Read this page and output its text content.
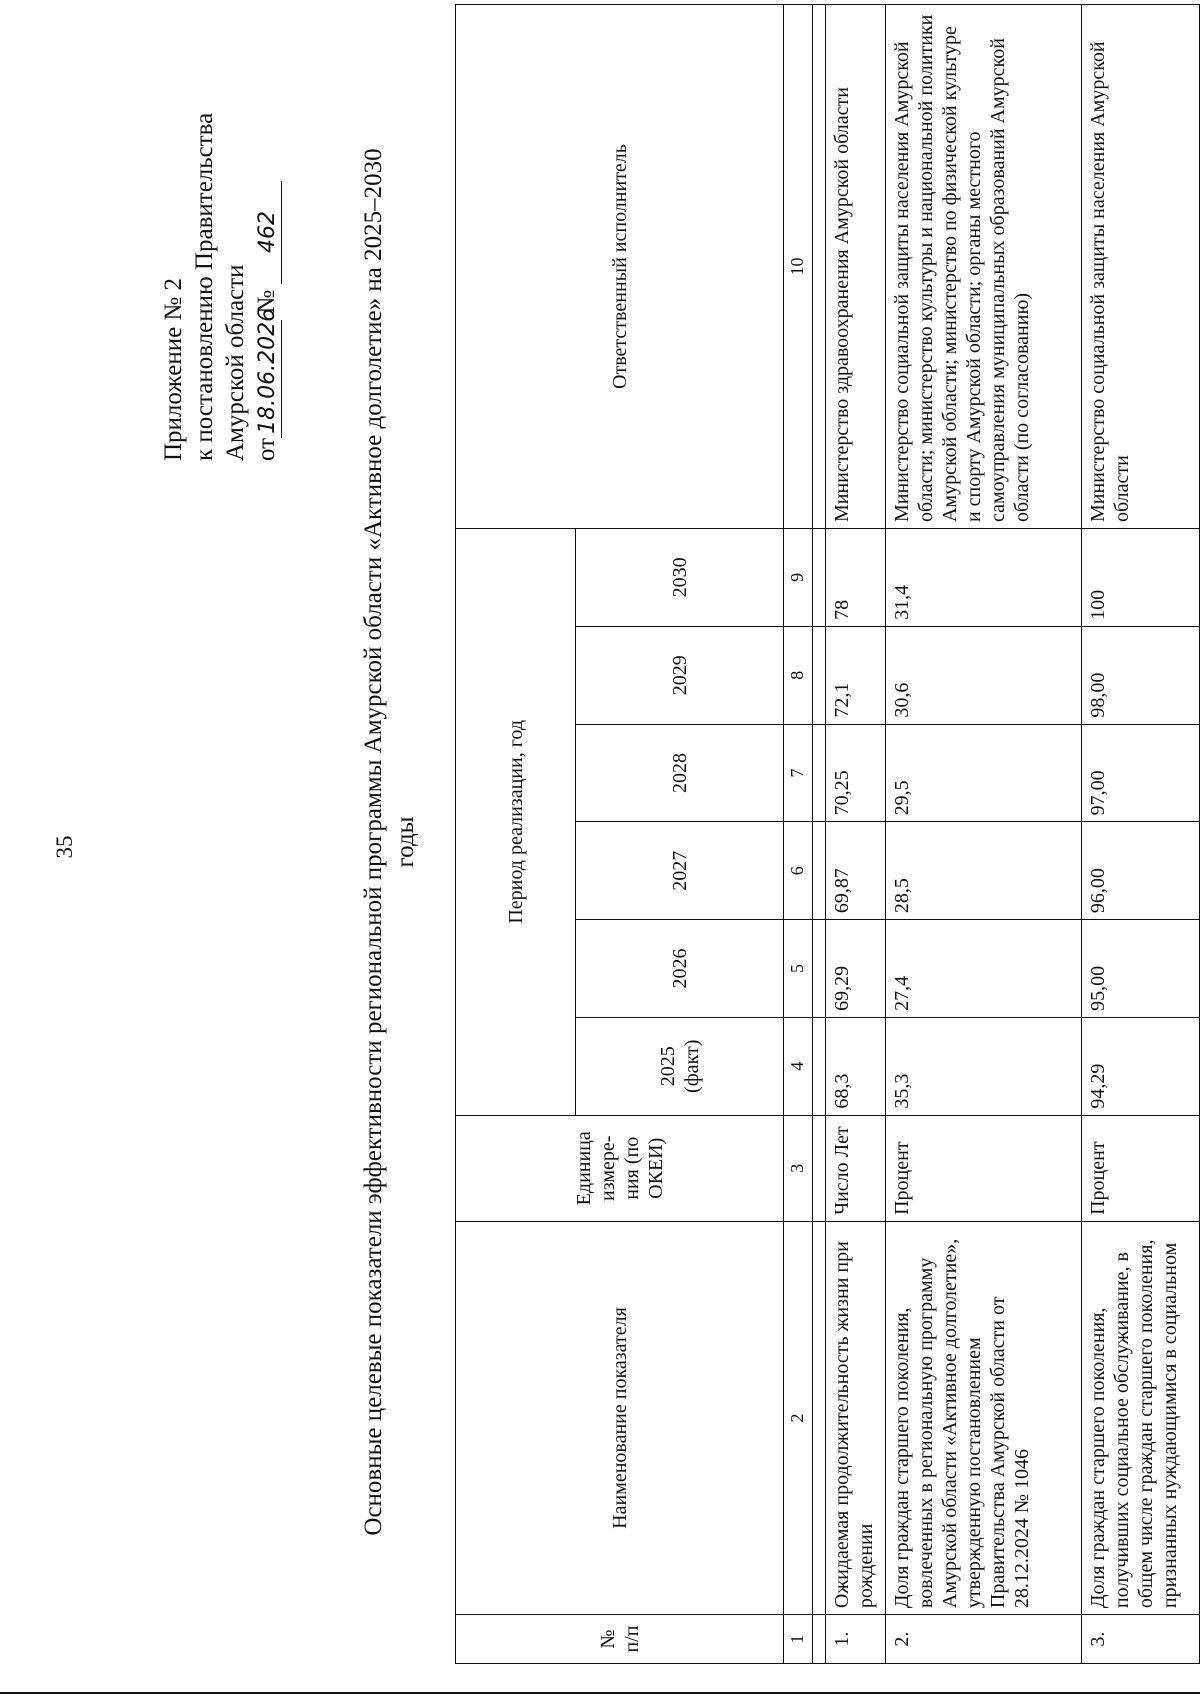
35
Приложение № 2 к постановлению Правительства Амурской области от18.06.2026 № 462	Основные целевые показатели эффективности региональной программы Амурской области «Активное долголетие» на 2025–2030 годы
№ п/п	Наименование показателя	Единица измере-ния (по ОКЕИ)	Период реализации, год						Ответственный исполнитель
			2025 (факт)	2026	2027	2028	2029	2030	
1	2	3	4	5	6	7	8	9	10

1.	Ожидаемая продолжительность жизни при рождении	Число Лет	68,3	69,29	69,87	70,25	72,1	78	Министерство здравоохранения Амурской области
2.	Доля граждан старшего поколения, вовлеченных в региональную программу Амурской области «Активное долголетие», утвержденную постановлением Правительства Амурской области от 28.12.2024 № 1046	Процент	35,3	27,4	28,5	29,5	30,6	31,4	Министерство социальной защиты населения Амурской области; министерство культуры и национальной политики Амурской области; министерство по физической культуре и спорту Амурской области; органы местного самоуправления муниципальных образований Амурской области (по согласованию)
3.	Доля граждан старшего поколения, получивших социальное обслуживание, в общем числе граждан старшего поколения, признанных нуждающимися в социальном	Процент	94,29	95,00	96,00	97,00	98,00	100	Министерство социальной защиты населения Амурской области
